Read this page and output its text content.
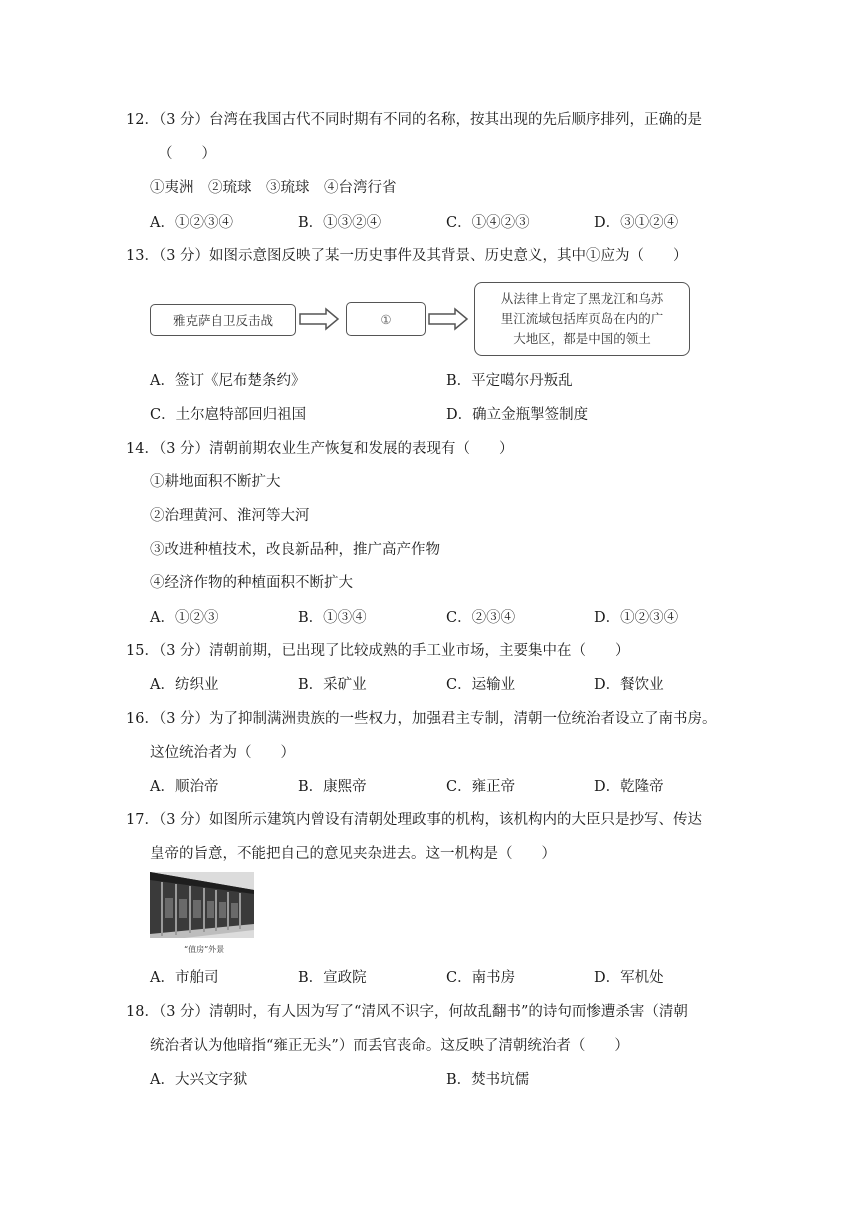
12．（3 分）台湾在我国古代不同时期有不同的名称，按其出现的先后顺序排列，正确的是
（　　）
①夷洲　②琉球　③琉球　④台湾行省
A．①②③④	B．①③②④	C．①④②③	D．③①②④
13．（3 分）如图示意图反映了某一历史事件及其背景、历史意义，其中①应为（　　）
雅克萨自卫反击战	①
从法律上肯定了黑龙江和乌苏
里江流域包括库页岛在内的广
大地区，都是中国的领土
A．签订《尼布楚条约》	B．平定噶尔丹叛乱
C．土尔扈特部回归祖国	D．确立金瓶掣签制度
14．（3 分）清朝前期农业生产恢复和发展的表现有（　　）
①耕地面积不断扩大
②治理黄河、淮河等大河
③改进种植技术，改良新品种，推广高产作物
④经济作物的种植面积不断扩大
A．①②③	B．①③④	C．②③④	D．①②③④
15．（3 分）清朝前期，已出现了比较成熟的手工业市场，主要集中在（　　）
A．纺织业	B．采矿业	C．运输业	D．餐饮业
16．（3 分）为了抑制满洲贵族的一些权力，加强君主专制，清朝一位统治者设立了南书房。
这位统治者为（　　）
A．顺治帝	B．康熙帝	C．雍正帝	D．乾隆帝
17．（3 分）如图所示建筑内曾设有清朝处理政事的机构，该机构内的大臣只是抄写、传达
皇帝的旨意，不能把自己的意见夹杂进去。这一机构是（　　）
“值房”外景
A．市舶司	B．宣政院	C．南书房	D．军机处
18．（3 分）清朝时，有人因为写了“清风不识字，何故乱翻书”的诗句而惨遭杀害（清朝
统治者认为他暗指“雍正无头”）而丢官丧命。这反映了清朝统治者（　　）
A．大兴文字狱	B．焚书坑儒
